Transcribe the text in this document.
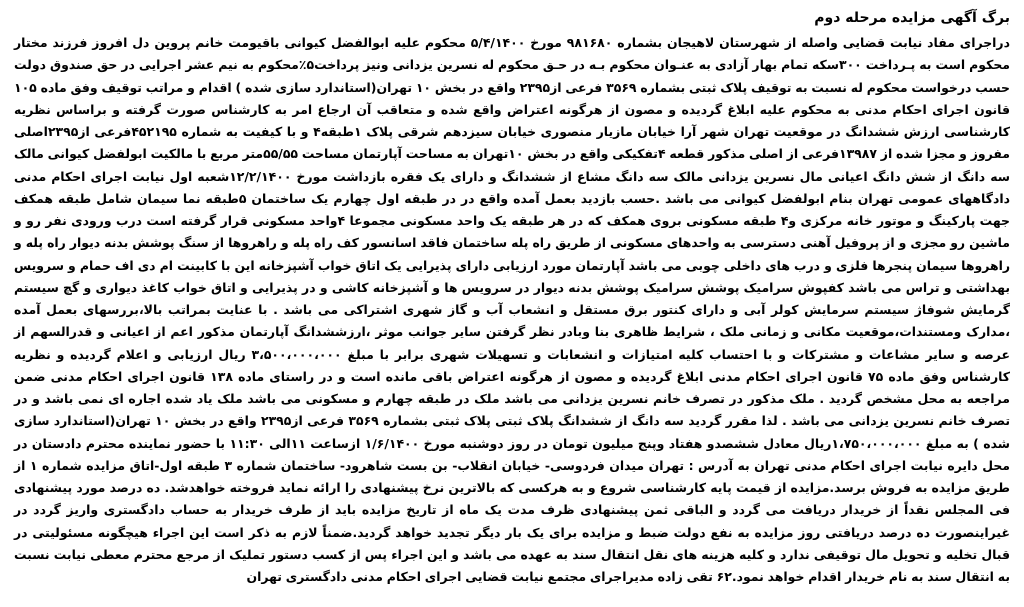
برگ آگهی مزایده مرحله دوم

دراجرای مفاد نیابت قضایی واصله از شهرستان لاهیجان بشماره ۹۸۱۶۸۰ مورخ ۵/۴/۱۴۰۰ محکوم علیه ابوالفضل کیوانی باقیومت خانم پروین دل افروز فرزند مختار محکوم است به پـرداخت ۳۰۰سکه تمام بهار آزادی به عنـوان محکوم بـه در حـق محکوم له نسرین یزدانی ونیز پرداخت۵٪محکوم به نیم عشر اجرایی در حق صندوق دولت حسب درخواست محکوم له نسبت به توقیف پلاک ثبتی بشماره ۳۵۶۹ فرعی از۲۳۹۵ واقع در بخش ۱۰ تهران(استاندارد سازی شده ) اقدام و مراتب توقیف وفق ماده ۱۰۵ قانون اجرای احکام مدنی به محکوم علیه ابلاغ گردیده و مصون از هرگونه اعتراض واقع شده و متعاقب آن ارجاع امر به کارشناس صورت گرفته و براساس نظریه کارشناسی ارزش ششدانگ در موقعیت تهران شهر آرا خیابان مازیار منصوری خیابان سیزدهم شرقی پلاک ۱طبقه۴ و با کیفیت به شماره ۴۵۲۱۹۵فرعی از۲۳۹۵اصلی مفروز و مجزا شده از ۱۳۹۸۷فرعی از اصلی مذکور قطعه ۴تفکیکی واقع در بخش ۱۰تهران به مساحت آپارتمان مساحت ۵۵/۵۵متر مربع با مالکیت ابولفضل کیوانی مالک سه دانگ از شش دانگ اعیانی مال نسرین یزدانی مالک سه دانگ مشاع از ششدانگ و دارای یک فقره بازداشت مورخ ۱۲/۲/۱۴۰۰شعبه اول نیابت اجرای احکام مدنی دادگاههای عمومی تهران بنام ابولفضل کیوانی می باشد .حسب بازدید بعمل آمده واقع در در طبقه اول چهارم یک ساختمان ۵طبقه نما سیمان شامل طبقه همکف جهت پارکینگ و موتور خانه مرکزی و۴ طبقه مسکونی بروی همکف که در هر طبقه یک واحد مسکونی مجموعا ۴واحد مسکونی قرار گرفته است درب ورودی نفر رو و ماشین رو مجزی و از پروفیل آهنی دسترسی به واحدهای مسکونی از طریق راه پله ساختمان فاقد اسانسور کف راه پله و راهروها از سنگ پوشش بدنه دیوار راه پله و راهروها سیمان پنجرها فلزی و درب های داخلی چوبی می باشد آپارتمان مورد ارزیابی دارای پذیرایی یک اتاق خواب آشپزخانه این با کابینت ام دی اف حمام و سرویس بهداشتی و تراس می باشد کفپوش سرامیک پوشش سرامیک پوشش بدنه دیوار در سرویس ها و آشپزخانه کاشی و در پذیرایی و اتاق خواب کاغذ دیواری و گچ سیستم گرمایش شوفاژ سیستم سرمایش کولر آبی و دارای کنتور برق مستقل و انشعاب آب و گاز شهری اشتراکی می باشد . با عنایت بمراتب بالا،بررسهای بعمل آمده ،مدارک ومستندات،موقعیت مکانی و زمانی ملک ، شرایط ظاهری بنا وبادر نظر گرفتن سایر جوانب موثر ،ارزششدانگ آپارتمان مذکور اعم از اعیانی و قدرالسهم از عرصه و سایر مشاعات و مشترکات و با احتساب کلیه امتیازات و انشعابات و تسهیلات شهری برابر با مبلغ ۳،۵۰۰،۰۰۰،۰۰۰ ریال ارزیابی و اعلام گردیده و نظریه کارشناس وفق ماده ۷۵ قانون اجرای احکام مدنی ابلاغ گردیده و مصون از هرگونه اعتراض باقی مانده است و در راستای ماده ۱۳۸ قانون اجرای احکام مدنی ضمن مراجعه به محل مشخص گردید . ملک مذکور در تصرف خانم نسرین یزدانی می باشد ملک در طبقه چهارم و مسکونی می باشد ملک یاد شده اجاره ای نمی باشد و در تصرف خانم نسرین یزدانی می باشد . لذا مقرر گردید سه دانگ از ششدانگ پلاک ثبتی پلاک ثبتی بشماره ۳۵۶۹ فرعی از۲۳۹۵ واقع در بخش ۱۰ تهران(استاندارد سازی شده ) به مبلغ ۱،۷۵۰،۰۰۰،۰۰۰ریال معادل ششصدو هفتاد وپنج میلیون تومان در روز دوشنبه مورخ ۱/۶/۱۴۰۰ ازساعت ۱۱الی ۱۱:۳۰ با حضور نماینده محترم دادستان در محل دایره نیابت اجرای احکام مدنی تهران به آدرس : تهران میدان فردوسی- خیابان انقلاب- بن بست شاهرود- ساختمان شماره ۳ طبقه اول-اتاق مزایده شماره ۱ از طریق مزایده به فروش برسد.مزایده از قیمت پایه کارشناسی شروع و به هرکسی که بالاترین نرخ پیشنهادی را ارائه نماید فروخته خواهدشد. ده درصد مورد پیشنهادی فی المجلس نقداً از خریدار دریافت می گردد و الباقی ثمن پیشنهادی ظرف مدت یک ماه از تاریخ مزایده باید از طرف خریدار به حساب دادگستری واریز گردد در غیراینصورت ده درصد دریافتی روز مزایده به نفع دولت ضبط و مزایده برای یک بار دیگر تجدید خواهد گردید.ضمناً لازم به ذکر است این اجراء هیچگونه مسئولیتی در قبال تخلیه و تحویل مال توقیفی ندارد و کلیه هزینه های نقل انتقال سند به عهده می باشد و این اجراء پس از کسب دستور تملیک از مرجع محترم معطی نیابت نسبت به انتقال سند به نام خریدار اقدام خواهد نمود.۶۲ تقی زاده مدیراجرای مجتمع نیابت قضایی اجرای احکام مدنی دادگستری تهران
